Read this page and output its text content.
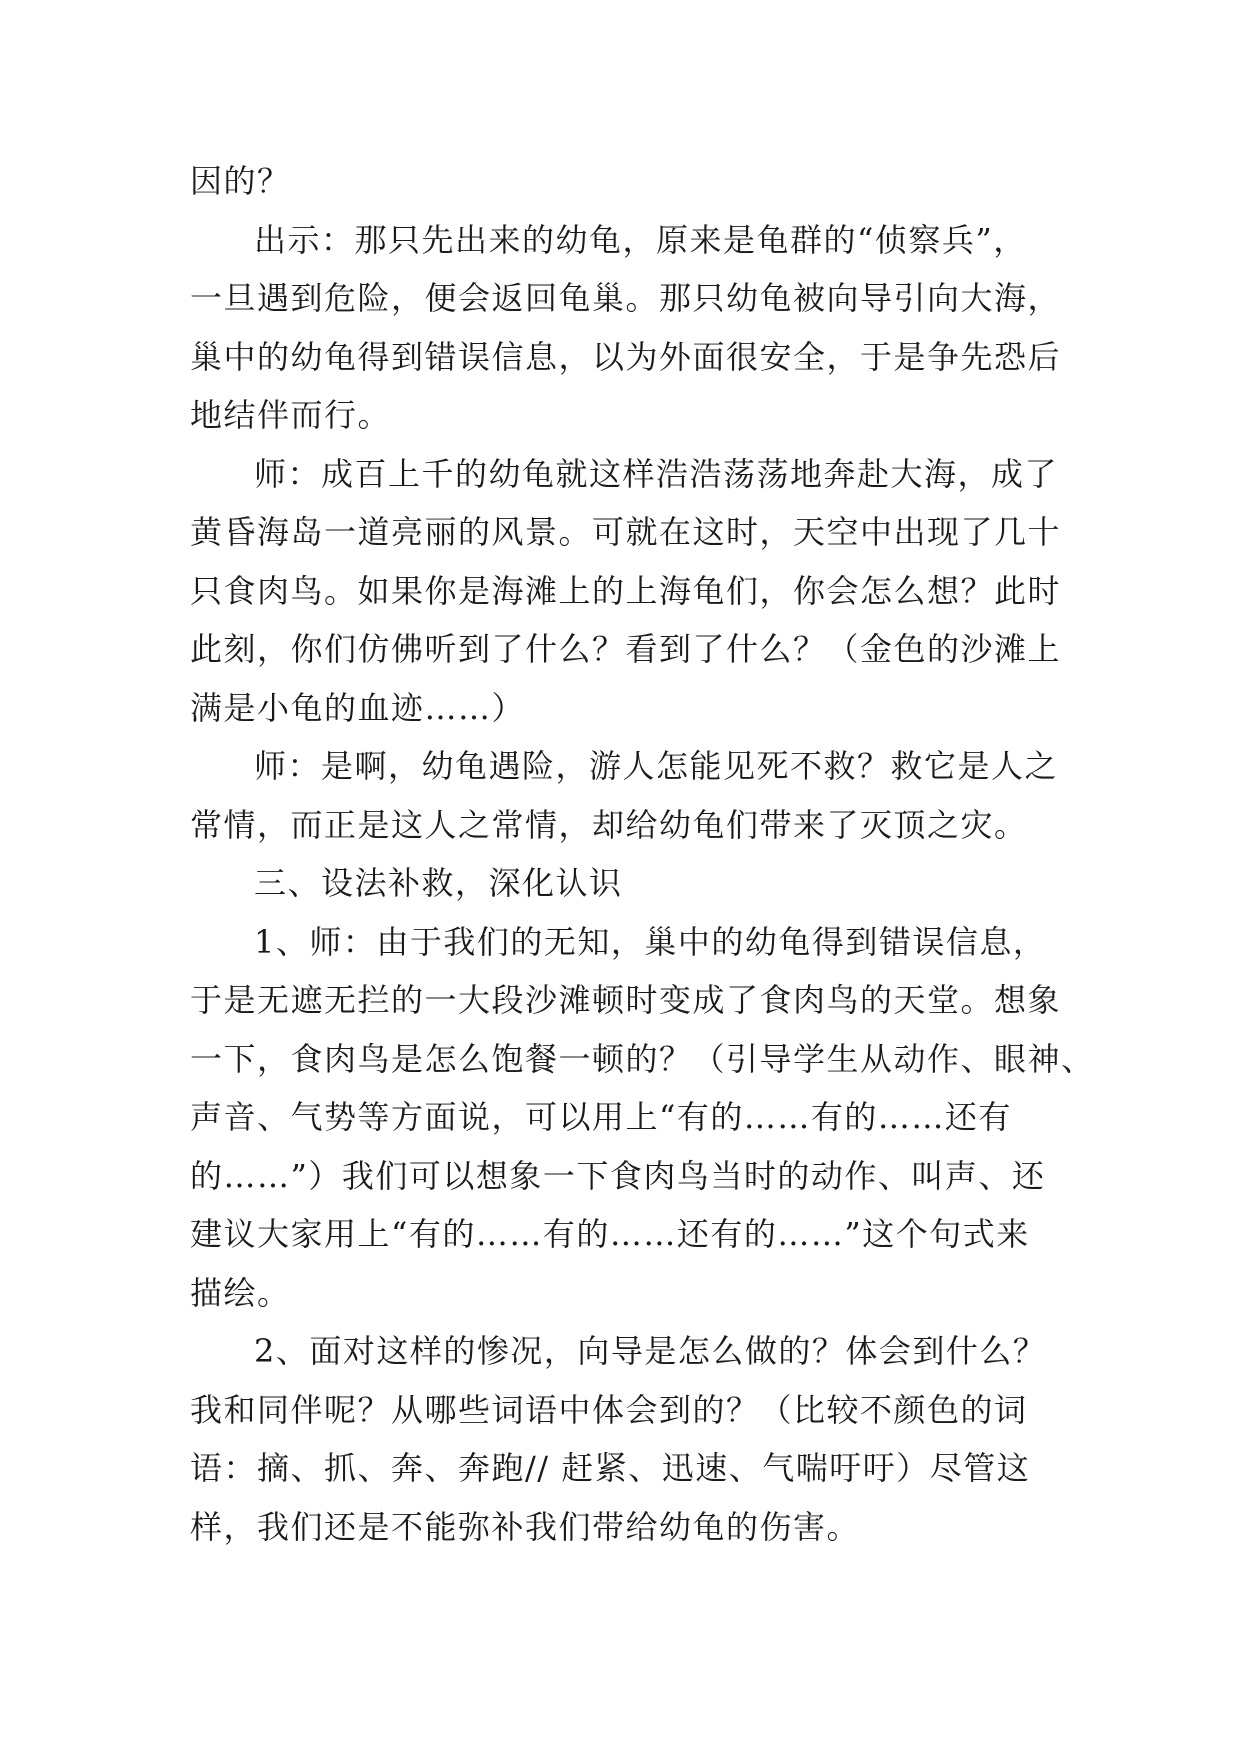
因的？
出示：那只先出来的幼龟，原来是龟群的“侦察兵”，
一旦遇到危险，便会返回龟巢。那只幼龟被向导引向大海，
巢中的幼龟得到错误信息，以为外面很安全，于是争先恐后
地结伴而行。
师：成百上千的幼龟就这样浩浩荡荡地奔赴大海，成了
黄昏海岛一道亮丽的风景。可就在这时，天空中出现了几十
只食肉鸟。如果你是海滩上的上海龟们，你会怎么想？此时
此刻，你们仿佛听到了什么？看到了什么？（金色的沙滩上
满是小龟的血迹……）
师：是啊，幼龟遇险，游人怎能见死不救？救它是人之
常情，而正是这人之常情，却给幼龟们带来了灭顶之灾。
三、设法补救，深化认识
1、师：由于我们的无知，巢中的幼龟得到错误信息，
于是无遮无拦的一大段沙滩顿时变成了食肉鸟的天堂。想象
一下，食肉鸟是怎么饱餐一顿的？（引导学生从动作、眼神、
声音、气势等方面说，可以用上“有的……有的……还有
的……”）我们可以想象一下食肉鸟当时的动作、叫声、还
建议大家用上“有的……有的……还有的……”这个句式来
描绘。
2、面对这样的惨况，向导是怎么做的？体会到什么？
我和同伴呢？从哪些词语中体会到的？（比较不颜色的词
语：摘、抓、奔、奔跑// 赶紧、迅速、气喘吁吁）尽管这
样，我们还是不能弥补我们带给幼龟的伤害。
